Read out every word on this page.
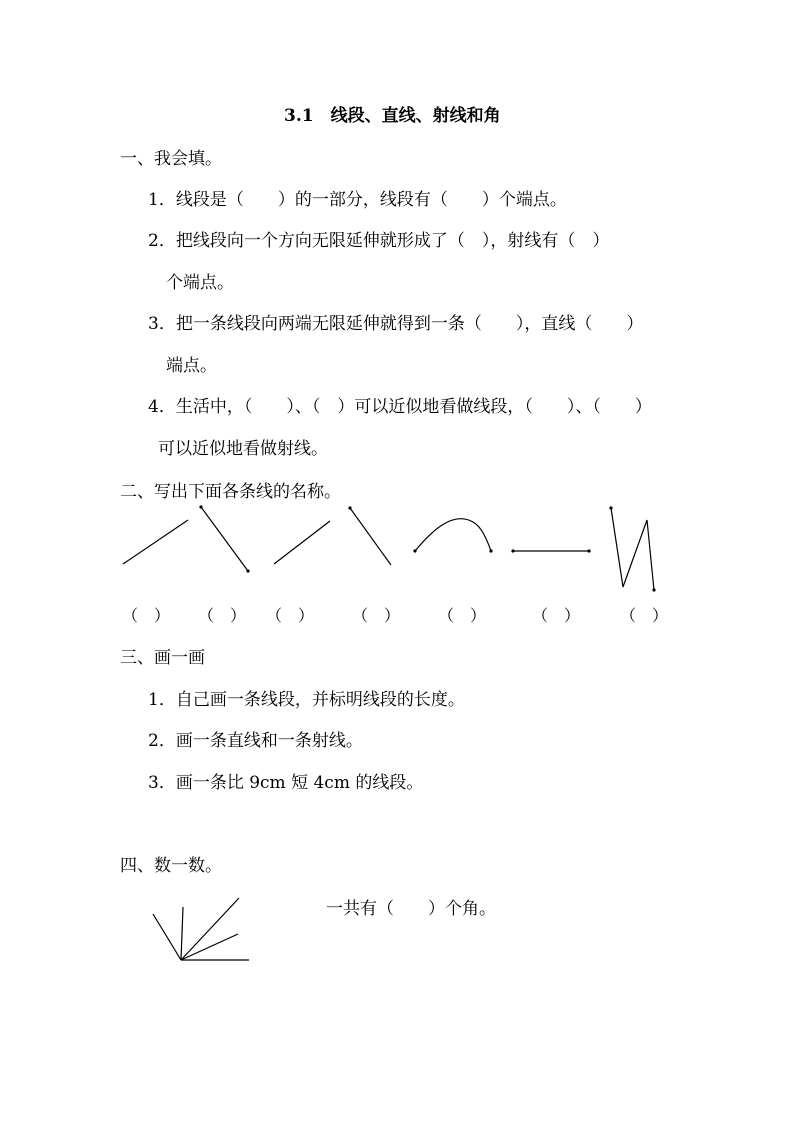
3.1　线段、直线、射线和角
一、我会填。
1．线段是（　　）的一部分，线段有（　　）个端点。
2．把线段向一个方向无限延伸就形成了（　），射线有（　）
个端点。
3．把一条线段向两端无限延伸就得到一条（　　），直线（　　）
端点。
4．生活中，（　　）、（　）可以近似地看做线段，（　　）、（　　）
可以近似地看做射线。
二、写出下面各条线的名称。
（　） （　） （　） （　） （　）	（　） （　）
三、画一画
1．自己画一条线段，并标明线段的长度。
2．画一条直线和一条射线。
3．画一条比 9cm 短 4cm 的线段。
四、数一数。
一共有（　　）个角。
